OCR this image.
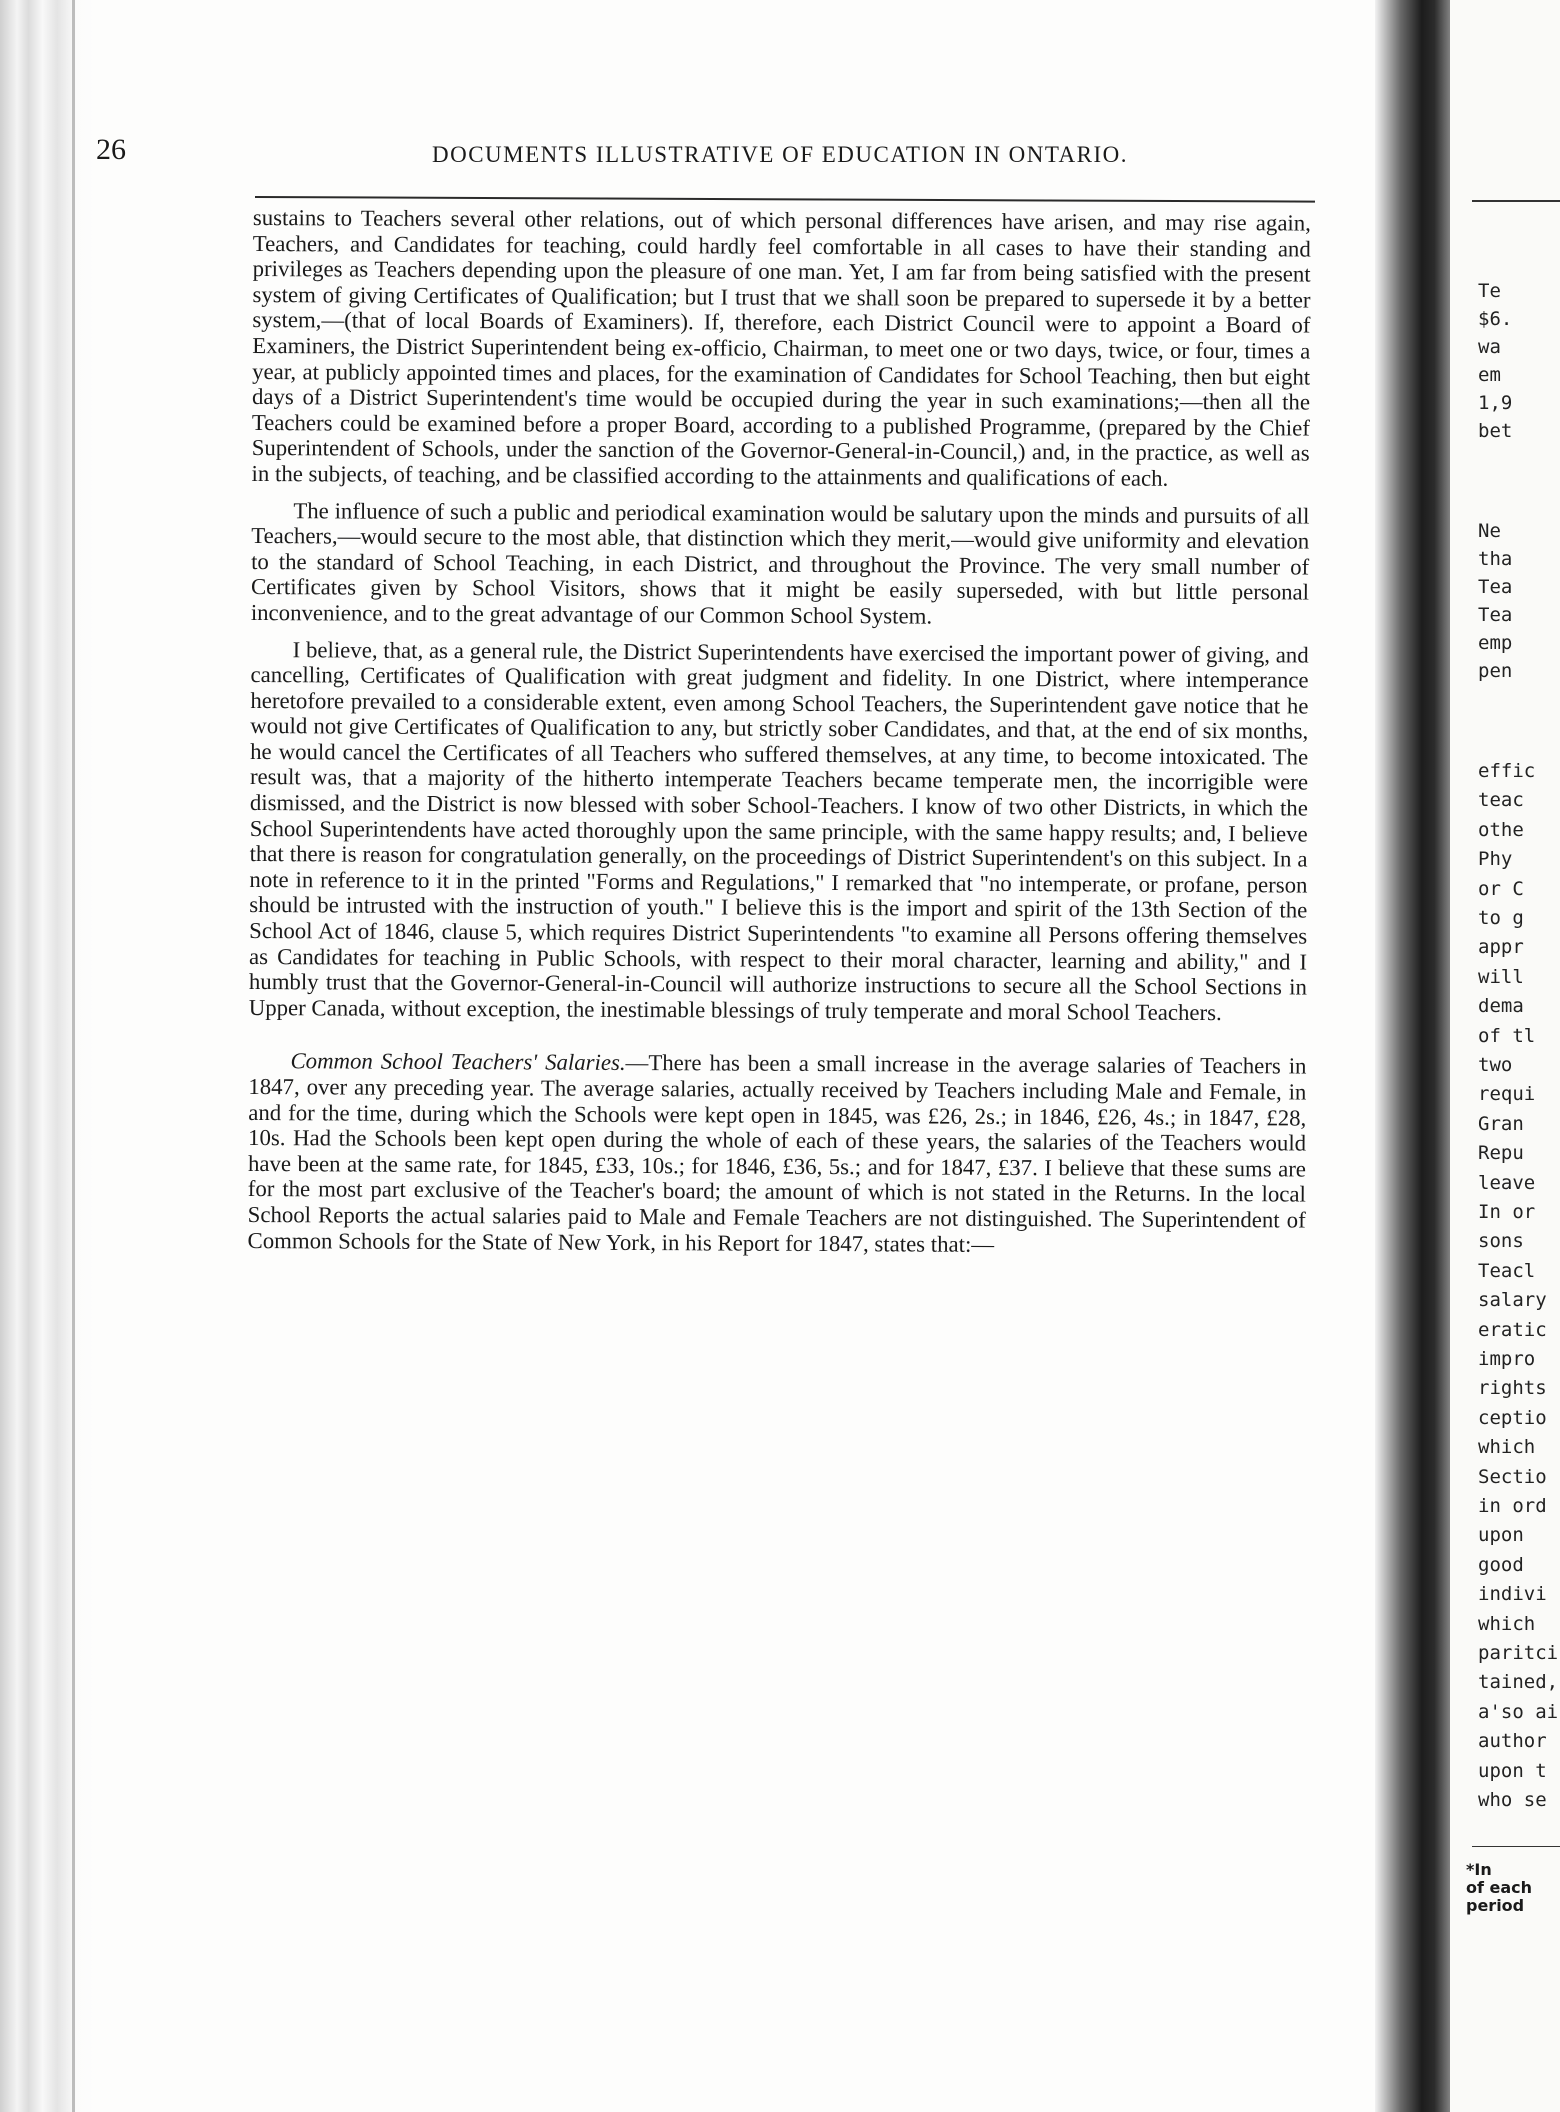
26	DOCUMENTS ILLUSTRATIVE OF EDUCATION IN ONTARIO.

sustains to Teachers several other relations, out of which personal differences have arisen, and may rise again, Teachers, and Candidates for teaching, could hardly feel comfortable in all cases to have their standing and privileges as Teachers depending upon the pleasure of one man. Yet, I am far from being satisfied with the present system of giving Certificates of Qualification; but I trust that we shall soon be prepared to supersede it by a better system,—(that of local Boards of Examiners). If, therefore, each District Council were to appoint a Board of Examiners, the District Superintendent being ex-officio, Chairman, to meet one or two days, twice, or four, times a year, at publicly appointed times and places, for the examination of Candidates for School Teaching, then but eight days of a District Superintendent's time would be occupied during the year in such examinations;—then all the Teachers could be examined before a proper Board, according to a published Programme, (prepared by the Chief Superintendent of Schools, under the sanction of the Governor-General-in-Council,) and, in the practice, as well as in the subjects, of teaching, and be classified according to the attainments and qualifications of each.

The influence of such a public and periodical examination would be salutary upon the minds and pursuits of all Teachers,—would secure to the most able, that distinction which they merit,—would give uniformity and elevation to the standard of School Teaching, in each District, and throughout the Province. The very small number of Certificates given by School Visitors, shows that it might be easily superseded, with but little personal inconvenience, and to the great advantage of our Common School System.

I believe, that, as a general rule, the District Superintendents have exercised the important power of giving, and cancelling, Certificates of Qualification with great judgment and fidelity. In one District, where intemperance heretofore prevailed to a considerable extent, even among School Teachers, the Superintendent gave notice that he would not give Certificates of Qualification to any, but strictly sober Candidates, and that, at the end of six months, he would cancel the Certificates of all Teachers who suffered themselves, at any time, to become intoxicated. The result was, that a majority of the hitherto intemperate Teachers became temperate men, the incorrigible were dismissed, and the District is now blessed with sober School-Teachers. I know of two other Districts, in which the School Superintendents have acted thoroughly upon the same principle, with the same happy results; and, I believe that there is reason for congratulation generally, on the proceedings of District Superintendent's on this subject. In a note in reference to it in the printed "Forms and Regulations," I remarked that "no intemperate, or profane, person should be intrusted with the instruction of youth." I believe this is the import and spirit of the 13th Section of the School Act of 1846, clause 5, which requires District Superintendents "to examine all Persons offering themselves as Candidates for teaching in Public Schools, with respect to their moral character, learning and ability," and I humbly trust that the Governor-General-in-Council will authorize instructions to secure all the School Sections in Upper Canada, without exception, the inestimable blessings of truly temperate and moral School Teachers.

Common School Teachers' Salaries.—There has been a small increase in the average salaries of Teachers in 1847, over any preceding year. The average salaries, actually received by Teachers including Male and Female, in and for the time, during which the Schools were kept open in 1845, was £26, 2s.; in 1846, £26, 4s.; in 1847, £28, 10s. Had the Schools been kept open during the whole of each of these years, the salaries of the Teachers would have been at the same rate, for 1845, £33, 10s.; for 1846, £36, 5s.; and for 1847, £37. I believe that these sums are for the most part exclusive of the Teacher's board; the amount of which is not stated in the Returns. In the local School Reports the actual salaries paid to Male and Female Teachers are not distinguished. The Superintendent of Common Schools for the State of New York, in his Report for 1847, states that:—

Te
$6.
wa
em
1,9
bet
Ne
tha
Tea
Tea
emp
pen
effic
teac
othe
Phy
or C
to g
appr
will
dema
of tl
two
requi
Gran
Repu
leave
In or
sons
Teacl
salary
eratic
impro
rights
ceptio
which
Sectio
in ord
upon
good
indivi
which
paritci
tained,
a'so ai
author
upon t
who se
*In
of each
period
